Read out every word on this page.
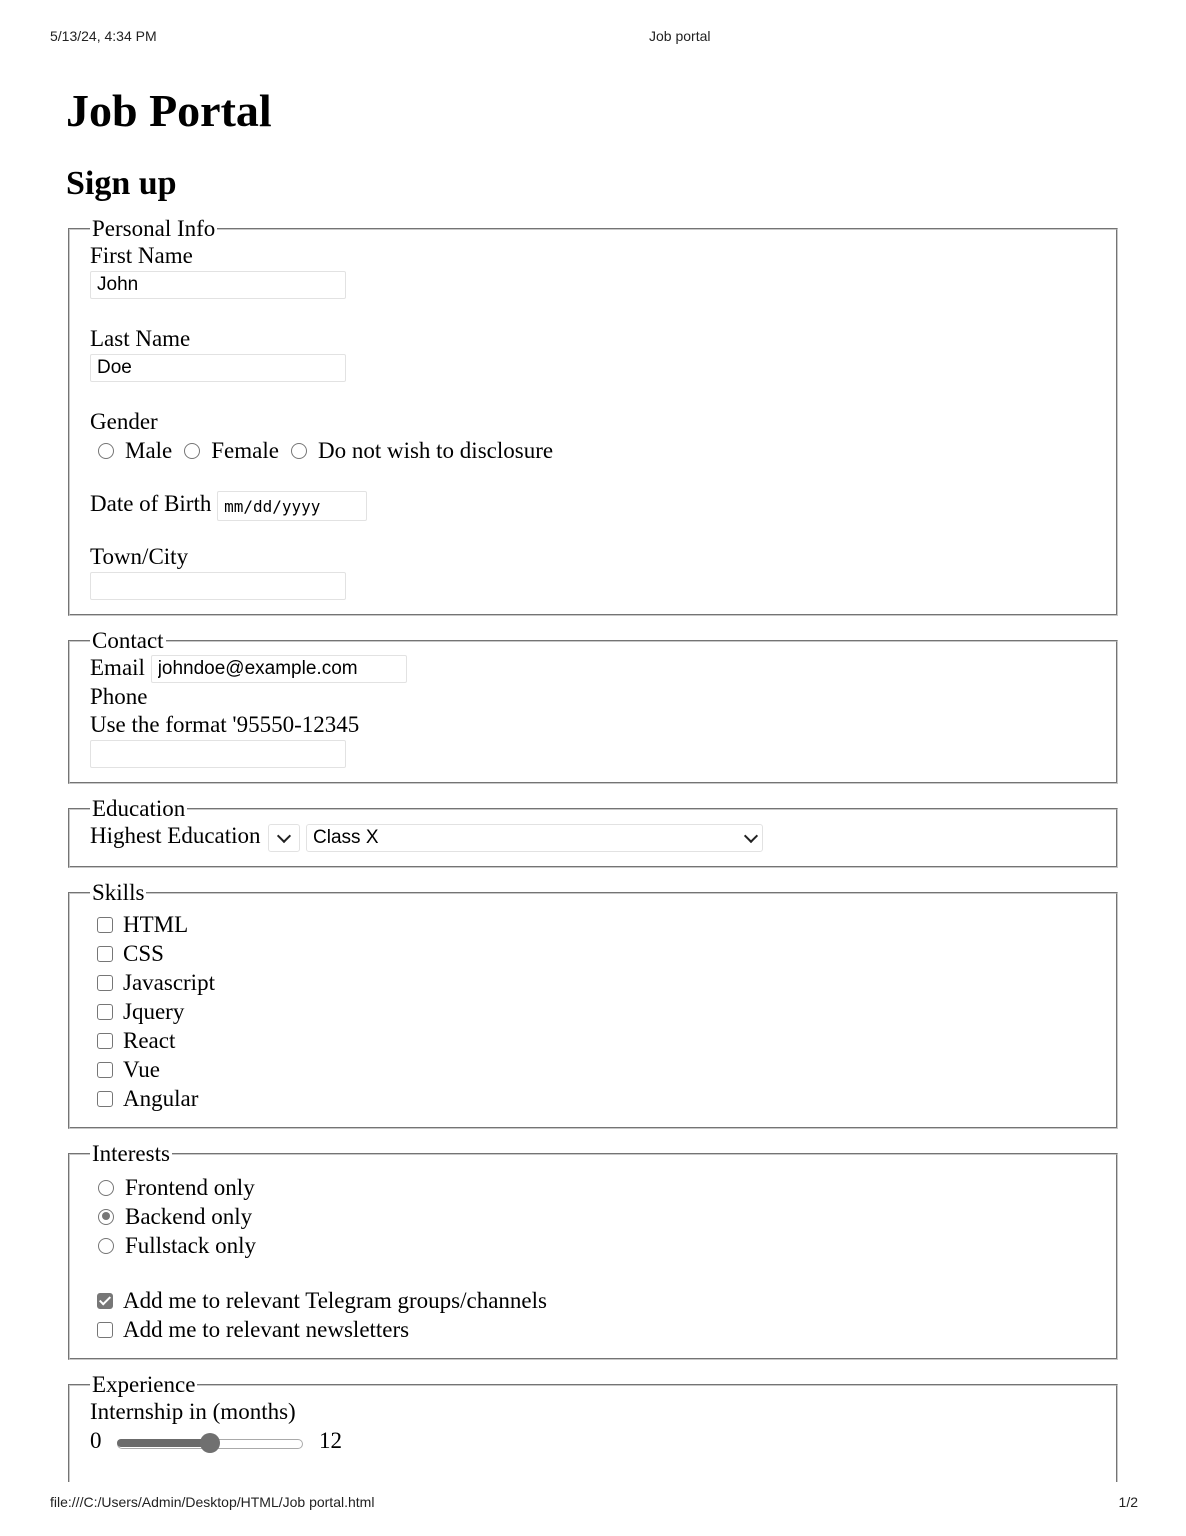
5/13/24, 4:34 PM	Job portal
Job Portal
Sign up
Personal Info
First Name
John
Last Name
Doe
Gender
Male Female Do not wish to disclosure
Date of Birth mm/dd/yyyy
Town/City
Contact
Email johndoe@example.com
Phone
Use the format '95550-12345
Education
Highest Education
	Class X
Skills
HTML
CSS
Javascript
Jquery
React
Vue
Angular
Interests
Frontend only
Backend only
Fullstack only
Add me to relevant Telegram groups/channels
Add me to relevant newsletters
Experience
Internship in (months)
0	12
file:///C:/Users/Admin/Desktop/HTML/Job portal.html	1/2
